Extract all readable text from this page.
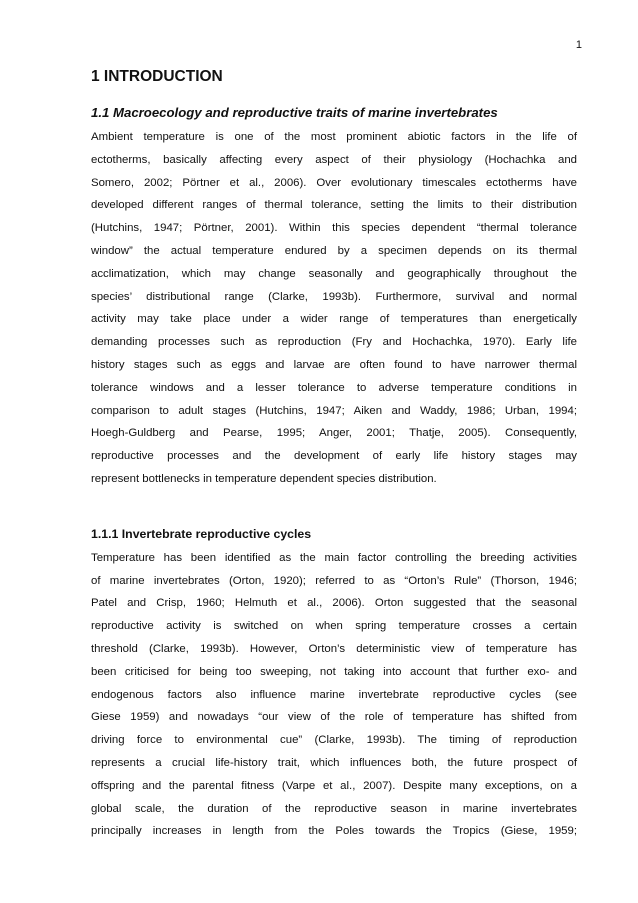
1
1 INTRODUCTION
1.1 Macroecology and reproductive traits of marine invertebrates

Ambient temperature is one of the most prominent abiotic factors in the life of

ectotherms, basically affecting every aspect of their physiology (Hochachka and

Somero, 2002; Pörtner et al., 2006). Over evolutionary timescales ectotherms have

developed different ranges of thermal tolerance, setting the limits to their distribution

(Hutchins, 1947; Pörtner, 2001). Within this species dependent “thermal tolerance

window” the actual temperature endured by a specimen depends on its thermal

acclimatization, which may change seasonally and geographically throughout the

species’ distributional range (Clarke, 1993b). Furthermore, survival and normal

activity may take place under a wider range of temperatures than energetically

demanding processes such as reproduction (Fry and Hochachka, 1970). Early life

history stages such as eggs and larvae are often found to have narrower thermal

tolerance windows and a lesser tolerance to adverse temperature conditions in

comparison to adult stages (Hutchins, 1947; Aiken and Waddy, 1986; Urban, 1994;

Hoegh-Guldberg and Pearse, 1995; Anger, 2001; Thatje, 2005). Consequently,

reproductive processes and the development of early life history stages may

represent bottlenecks in temperature dependent species distribution.

1.1.1 Invertebrate reproductive cycles

Temperature has been identified as the main factor controlling the breeding activities

of marine invertebrates (Orton, 1920); referred to as “Orton’s Rule” (Thorson, 1946;

Patel and Crisp, 1960; Helmuth et al., 2006). Orton suggested that the seasonal

reproductive activity is switched on when spring temperature crosses a certain

threshold (Clarke, 1993b). However, Orton’s deterministic view of temperature has

been criticised for being too sweeping, not taking into account that further exo- and

endogenous factors also influence marine invertebrate reproductive cycles (see

Giese 1959) and nowadays “our view of the role of temperature has shifted from

driving force to environmental cue” (Clarke, 1993b). The timing of reproduction

represents a crucial life-history trait, which influences both, the future prospect of

offspring and the parental fitness (Varpe et al., 2007). Despite many exceptions, on a

global scale, the duration of the reproductive season in marine invertebrates

principally increases in length from the Poles towards the Tropics (Giese, 1959;
